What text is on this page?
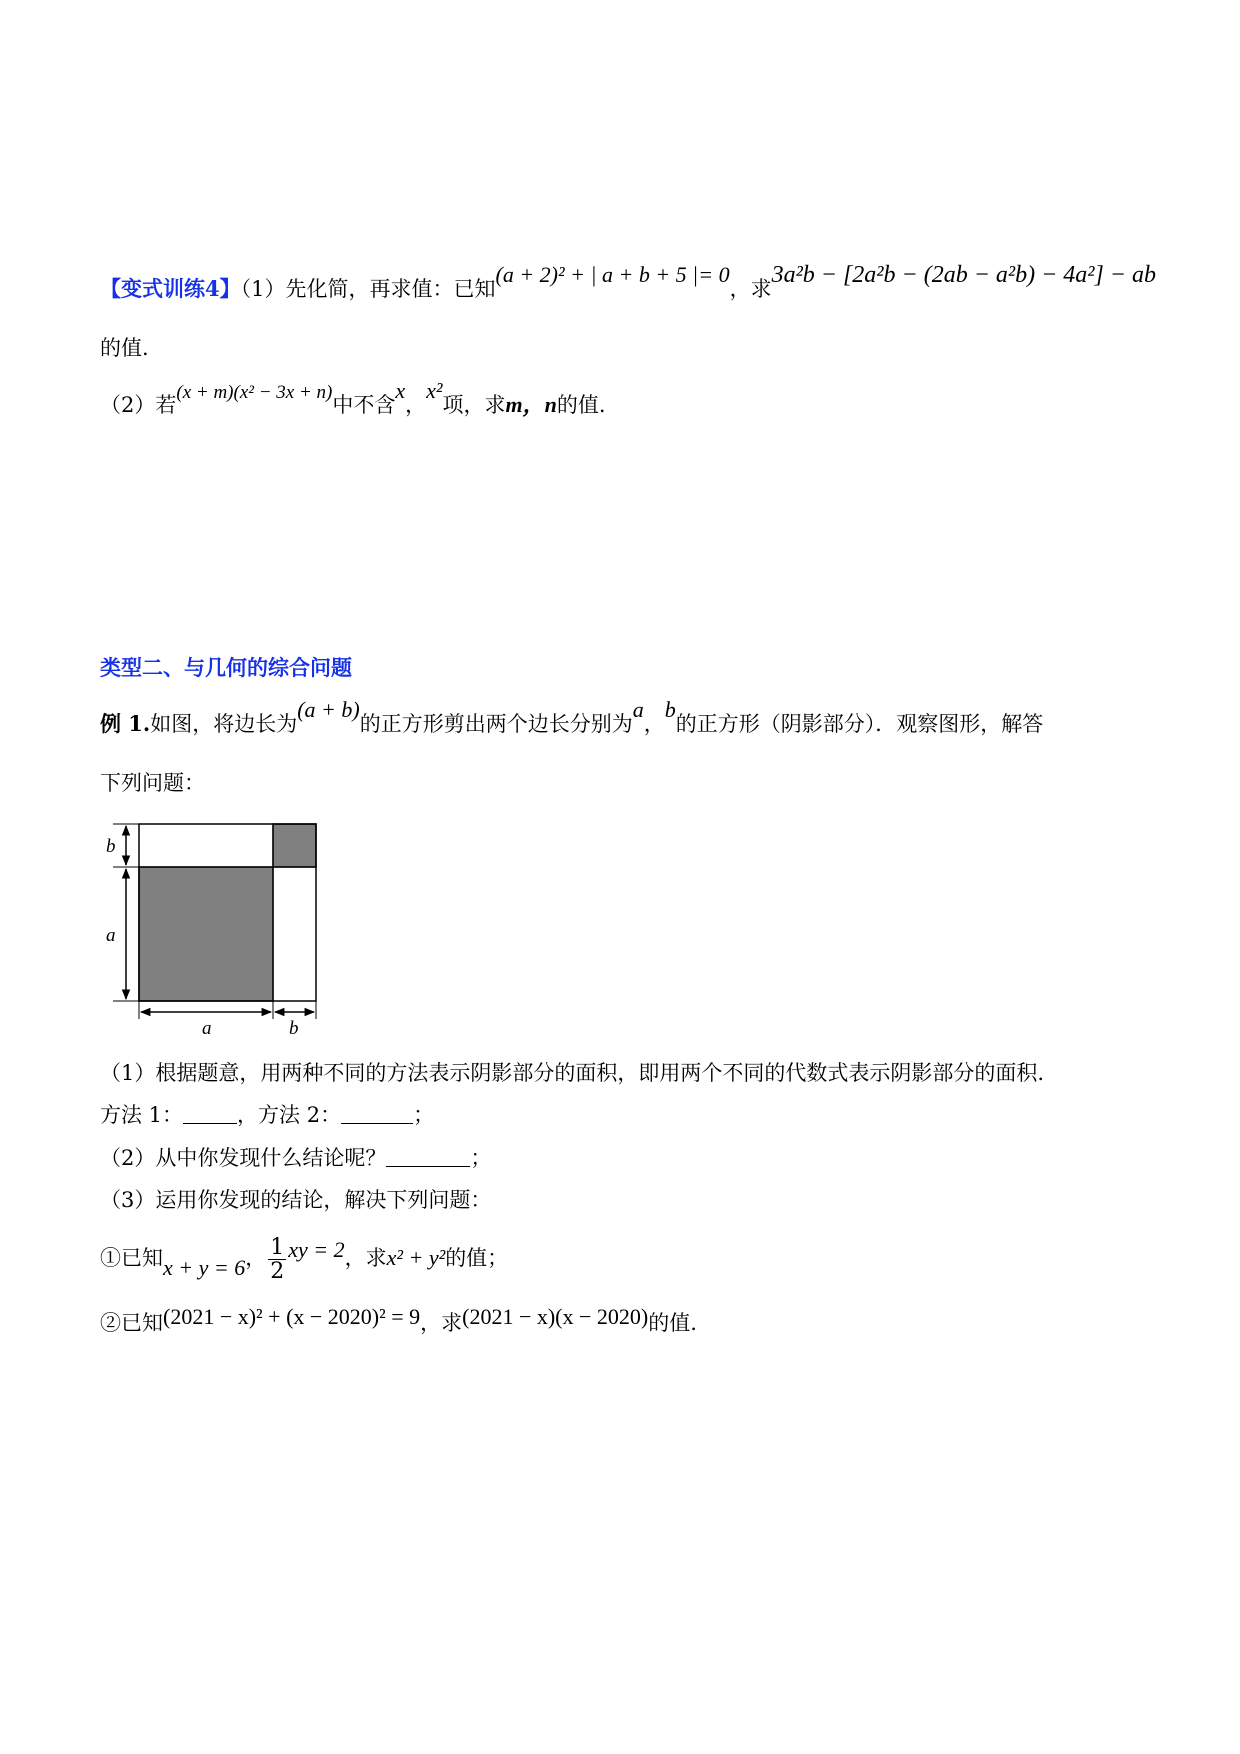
【变式训练4】（1）先化简，再求值：已知(a + 2)² + | a + b + 5 |= 0，求3a²b − [2a²b − (2ab − a²b) − 4a²] − ab
的值.
（2）若(x + m)(x² − 3x + n)中不含x，x²项，求m，n的值.
类型二、与几何的综合问题
例 1.如图，将边长为(a + b)的正方形剪出两个边长分别为a，b的正方形（阴影部分）．观察图形，解答
下列问题：
b
a
a	b
（1）根据题意，用两种不同的方法表示阴影部分的面积，即用两个不同的代数式表示阴影部分的面积.
方法 1：	，方法 2：	；
（2）从中你发现什么结论呢？	；
（3）运用你发现的结论，解决下列问题：
①已知x + y = 6， $\frac{1}{2}$ xy = 2，求x² + y²的值；
②已知(2021 − x)² + (x − 2020)² = 9，求(2021 − x)(x − 2020)的值.
